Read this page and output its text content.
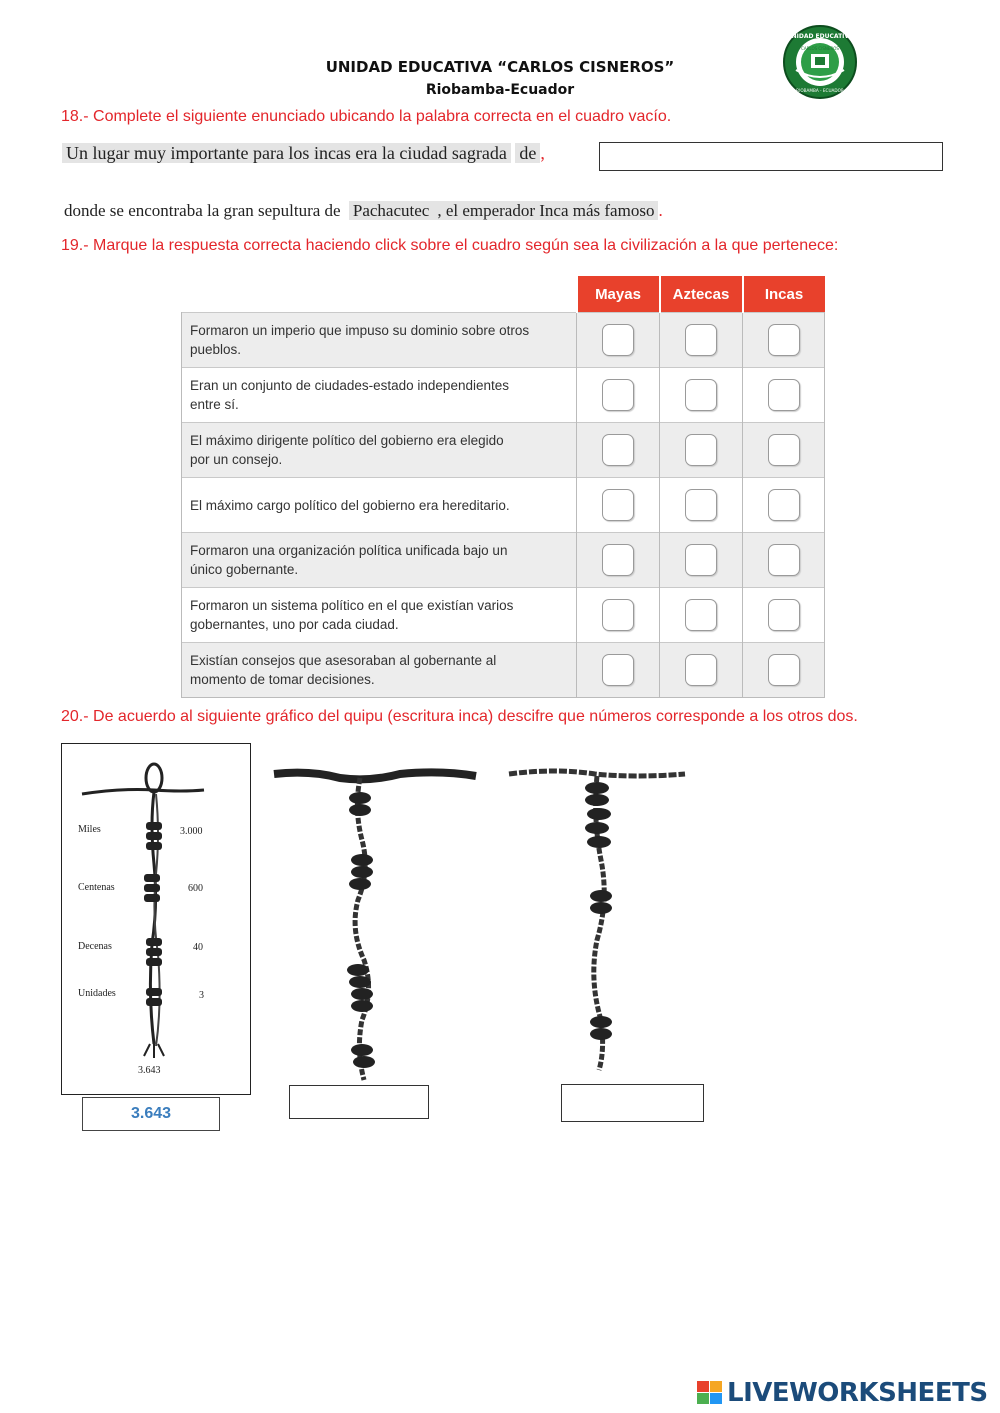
UNIDAD EDUCATIVA “CARLOS CISNEROS”
Riobamba-Ecuador
UNIDAD EDUCATIVA
CARLOS CISNEROS
RIOBAMBA - ECUADOR
18.- Complete el siguiente enunciado ubicando la palabra correcta en el cuadro vacío.
Un lugar muy importante para los incas era la ciudad sagrada de ,
donde se encontraba la gran sepultura de Pachacutec , el emperador Inca más famoso .
19.- Marque la respuesta correcta haciendo click sobre el cuadro según sea la civilización a la que pertenece:
	Mayas	Aztecas	Incas
Formaron un imperio que impuso su dominio sobre otros
pueblos.			
Eran un conjunto de ciudades-estado independientes
entre sí.			
El máximo dirigente político del gobierno era elegido
por un consejo.			
El máximo cargo político del gobierno era hereditario.			
Formaron una organización política unificada bajo un
único gobernante.			
Formaron un sistema político en el que existían varios
gobernantes, uno por cada ciudad.			
Existían consejos que asesoraban al gobernante al
momento de tomar decisiones.			
20.- De acuerdo al siguiente gráfico del quipu (escritura inca) descifre que números corresponde a los otros dos.
Miles	3.000
Centenas	600
Decenas	40
Unidades	3
3.643
3.643
LIVEWORKSHEETS
